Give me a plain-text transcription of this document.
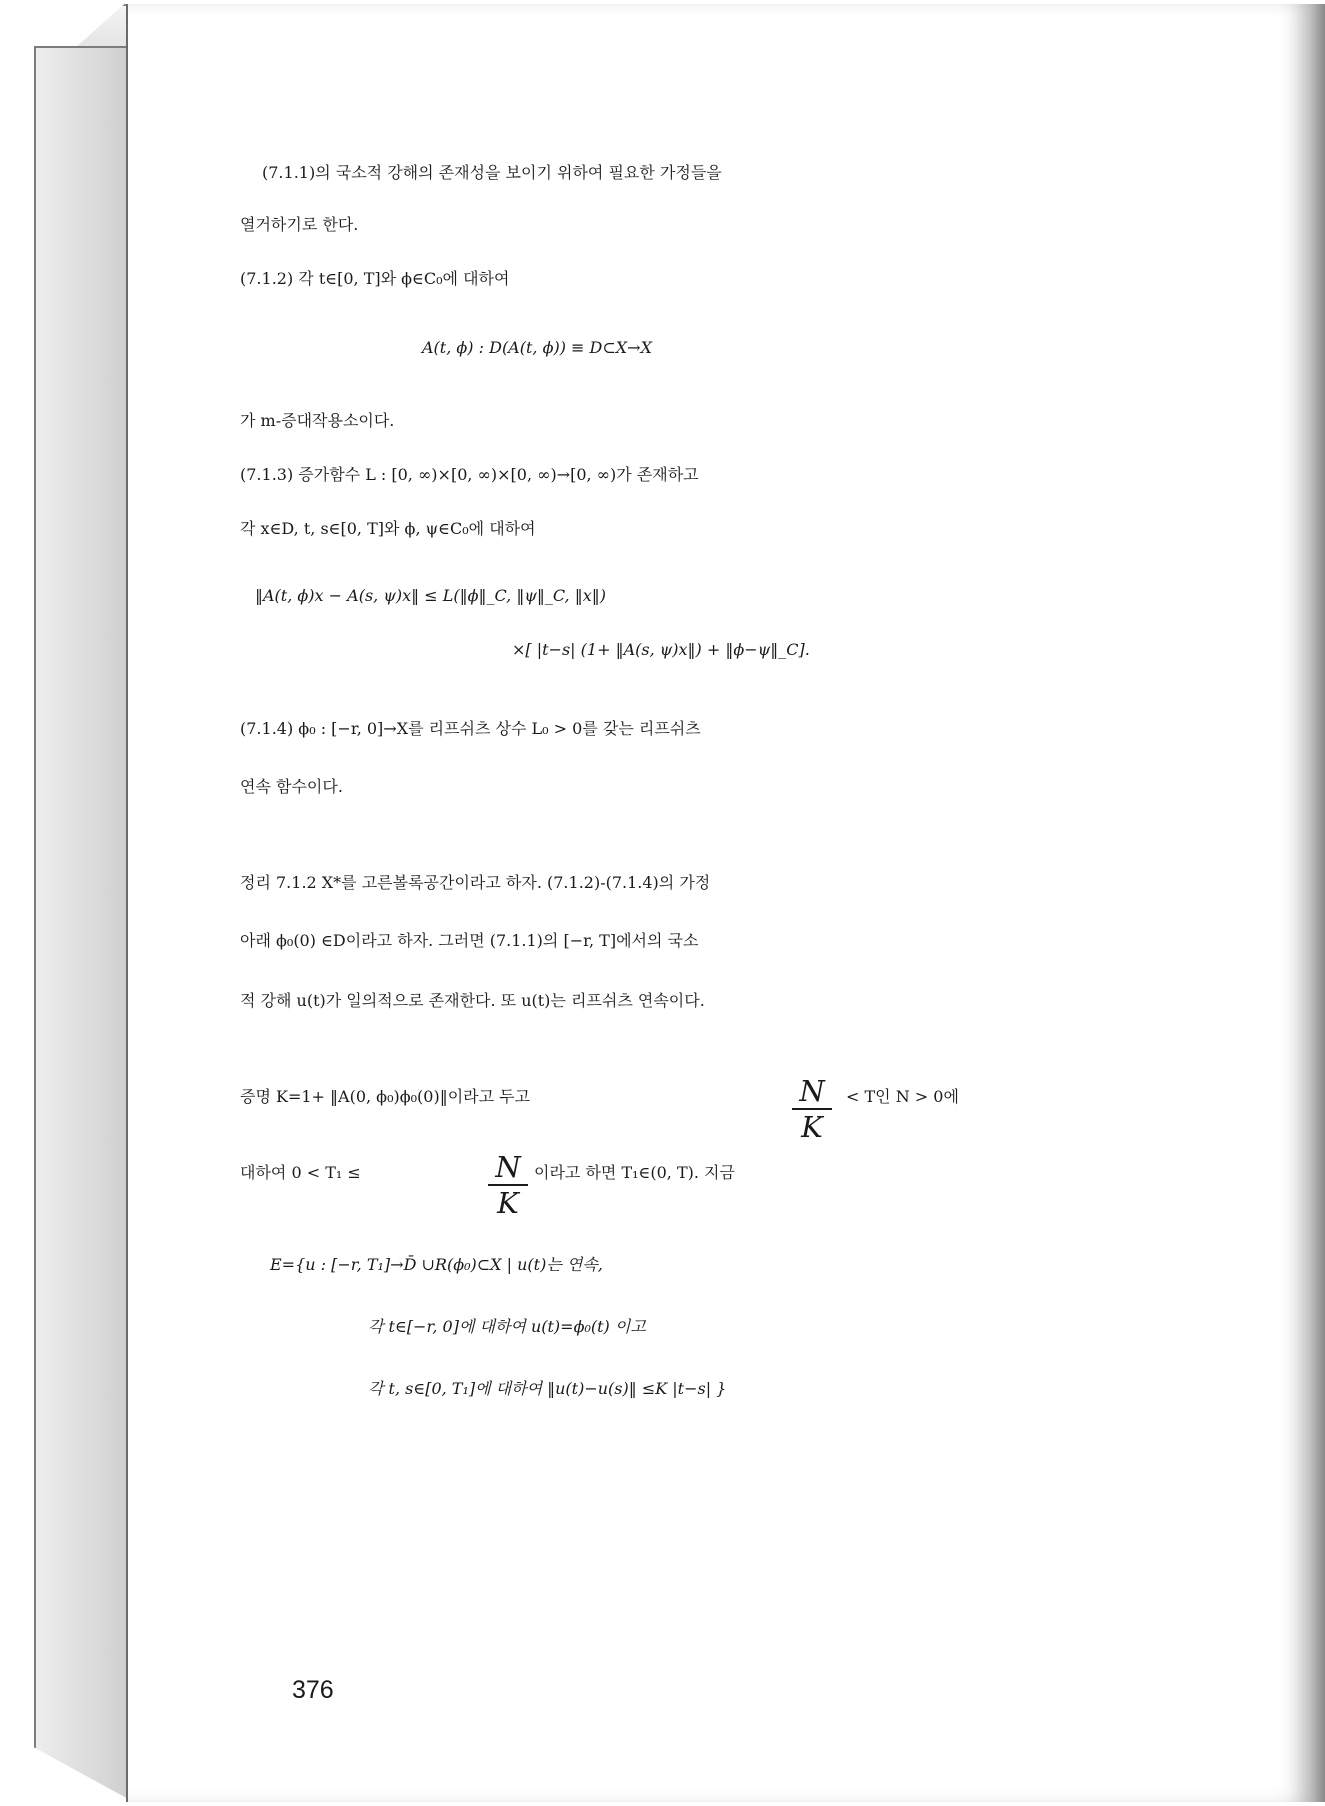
(7.1.1)의 국소적 강해의 존재성을 보이기 위하여 필요한 가정들을
열거하기로 한다.
(7.1.2) 각 t∈[0, T]와 ϕ∈C₀에 대하여
A(t, ϕ) : D(A(t, ϕ)) ≡ D⊂X→X
가 m-증대작용소이다.
(7.1.3) 증가함수 L : [0, ∞)×[0, ∞)×[0, ∞)→[0, ∞)가 존재하고
각 x∈D, t, s∈[0, T]와 ϕ, ψ∈C₀에 대하여
‖A(t, ϕ)x − A(s, ψ)x‖ ≤ L(‖ϕ‖_C, ‖ψ‖_C, ‖x‖)
×[ |t−s| (1+ ‖A(s, ψ)x‖) + ‖ϕ−ψ‖_C].
(7.1.4) ϕ₀ : [−r, 0]→X를 리프쉬츠 상수 L₀ > 0를 갖는 리프쉬츠
연속 함수이다.
정리 7.1.2 X*를 고른볼록공간이라고 하자. (7.1.2)-(7.1.4)의 가정
아래 ϕ₀(0) ∈D이라고 하자. 그러면 (7.1.1)의 [−r, T]에서의 국소
적 강해 u(t)가 일의적으로 존재한다. 또 u(t)는 리프쉬츠 연속이다.
증명 K=1+ ‖A(0, ϕ₀)ϕ₀(0)‖이라고 두고	$\frac{N}{K} < T$인 N > 0에
대하여 0 < T₁ ≤	$\frac{N}{K}$ 이라고 하면 T₁∈(0, T). 지금
E={u : [−r, T₁]→D̄ ∪R(ϕ₀)⊂X | u(t)는 연속,
각 t∈[−r, 0]에 대하여 u(t)=ϕ₀(t) 이고
각 t, s∈[0, T₁]에 대하여 ‖u(t)−u(s)‖ ≤K |t−s| }
376
